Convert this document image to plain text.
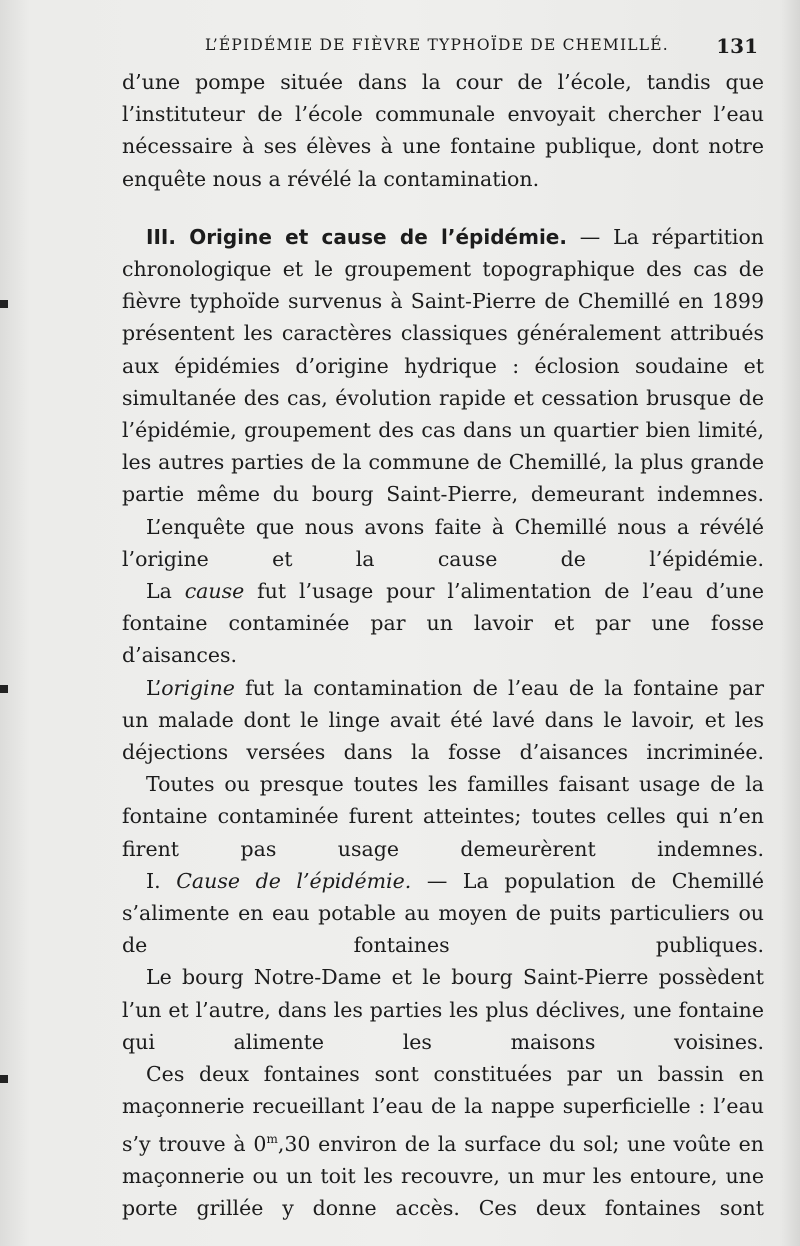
L’ÉPIDÉMIE DE FIÈVRE TYPHOÏDE DE CHEMILLÉ. 131

d’une pompe située dans la cour de l’école, tandis que l’instituteur de l’école communale envoyait chercher l’eau nécessaire à ses élèves à une fontaine publique, dont notre enquête nous a révélé la contamination.

III. Origine et cause de l’épidémie. — La répartition chronologique et le groupement topographique des cas de fièvre typhoïde survenus à Saint-Pierre de Chemillé en 1899 présentent les caractères classiques généralement attribués aux épidémies d’origine hydrique : éclosion soudaine et simultanée des cas, évolution rapide et cessation brusque de l’épidémie, groupement des cas dans un quartier bien limité, les autres parties de la commune de Chemillé, la plus grande partie même du bourg Saint-Pierre, demeurant indemnes.

L’enquête que nous avons faite à Chemillé nous a révélé l’origine et la cause de l’épidémie.

La cause fut l’usage pour l’alimentation de l’eau d’une fontaine contaminée par un lavoir et par une fosse d’aisances.

L’origine fut la contamination de l’eau de la fontaine par un malade dont le linge avait été lavé dans le lavoir, et les déjections versées dans la fosse d’aisances incriminée.

Toutes ou presque toutes les familles faisant usage de la fontaine contaminée furent atteintes; toutes celles qui n’en firent pas usage demeurèrent indemnes.

I. Cause de l’épidémie. — La population de Chemillé s’alimente en eau potable au moyen de puits particuliers ou de fontaines publiques.

Le bourg Notre-Dame et le bourg Saint-Pierre possèdent l’un et l’autre, dans les parties les plus déclives, une fontaine qui alimente les maisons voisines.

Ces deux fontaines sont constituées par un bassin en maçonnerie recueillant l’eau de la nappe superficielle : l’eau s’y trouve à 0$^m$,30 environ de la surface du sol; une voûte en maçonnerie ou un toit les recouvre, un mur les entoure, une porte grillée y donne accès. Ces deux fontaines sont
